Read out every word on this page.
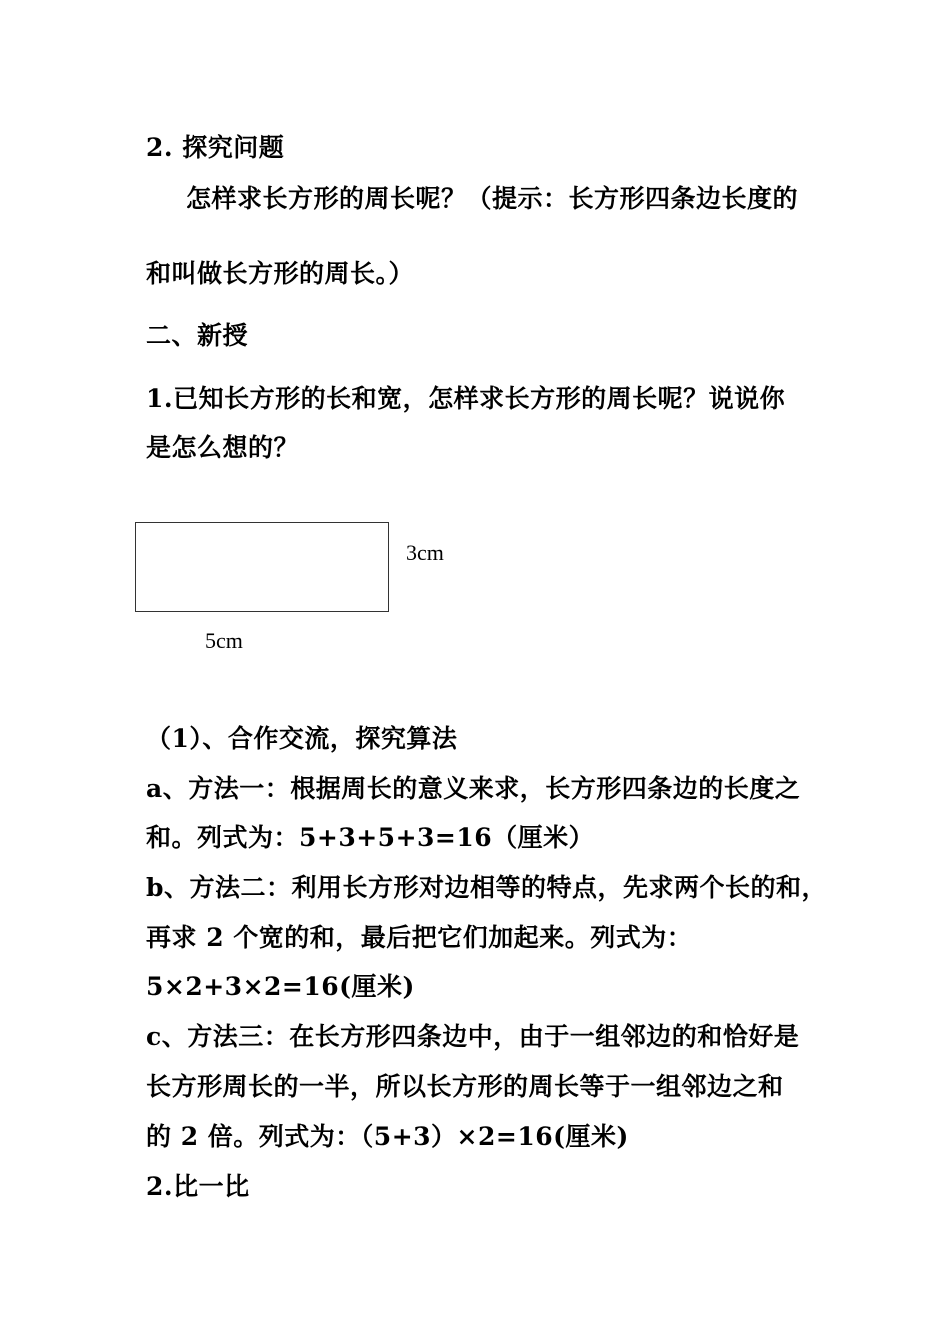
2. 探究问题
怎样求长方形的周长呢？（提示：长方形四条边长度的
和叫做长方形的周长。）
二、新授
1.已知长方形的长和宽，怎样求长方形的周长呢？说说你
是怎么想的？
3cm
5cm
（1）、合作交流，探究算法
a、方法一：根据周长的意义来求，长方形四条边的长度之
和。列式为：5+3+5+3=16（厘米）
b、方法二：利用长方形对边相等的特点，先求两个长的和，
再求 2 个宽的和，最后把它们加起来。列式为：
5×2+3×2=16(厘米)
c、方法三：在长方形四条边中，由于一组邻边的和恰好是
长方形周长的一半，所以长方形的周长等于一组邻边之和
的 2 倍。列式为：（5+3）×2=16(厘米)
2.比一比
